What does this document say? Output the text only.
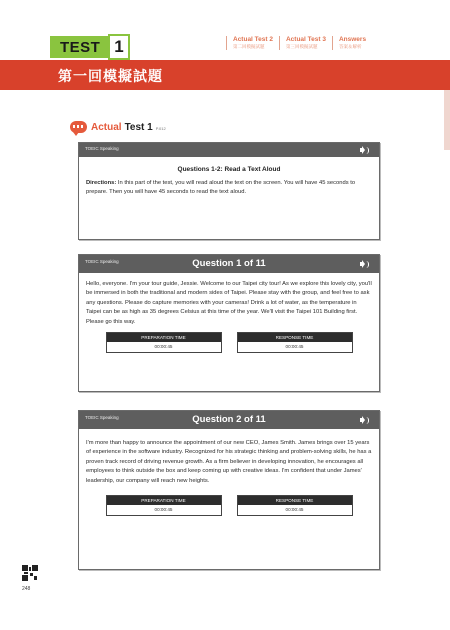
TEST 1	Actual Test 2
第二回模擬試題
Actual Test 3
第三回模擬試題
Answers
答案＆解析
第一回模擬試題
Actual Test 1 P.012
TOEIC Speaking
Questions 1-2: Read a Text Aloud
Directions: In this part of the test, you will read aloud the text on the screen. You will have 45 seconds to prepare. Then you will have 45 seconds to read the text aloud.
TOEIC Speaking	Question 1 of 11
Hello, everyone. I'm your tour guide, Jessie. Welcome to our Taipei city tour! As we explore this lovely city, you'll be immersed in both the traditional and modern sides of Taipei. Please stay with the group, and feel free to ask any questions. Please do capture memories with your cameras! Drink a lot of water, as the temperature in Taipei can be as high as 35 degrees Celsius at this time of the year. We'll visit the Taipei 101 Building first. Please go this way.
PREPARATION TIME
00:00:45
RESPONSE TIME
00:00:45
TOEIC Speaking	Question 2 of 11
I'm more than happy to announce the appointment of our new CEO, James Smith. James brings over 15 years of experience in the software industry. Recognized for his strategic thinking and problem-solving skills, he has a proven track record of driving revenue growth. As a firm believer in developing innovation, he encourages all employees to think outside the box and keep coming up with creative ideas. I'm confident that under James' leadership, our company will reach new heights.
PREPARATION TIME
00:00:45
RESPONSE TIME
00:00:45
248
